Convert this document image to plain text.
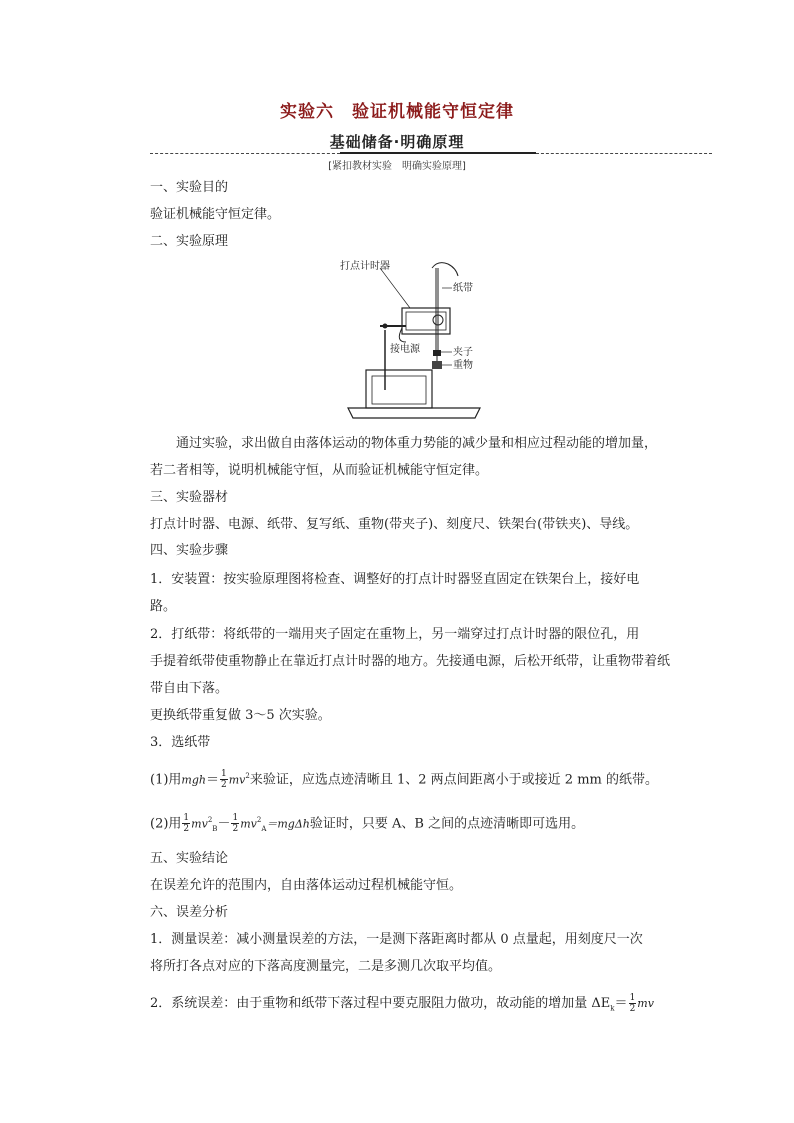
实验六 验证机械能守恒定律
基础储备·明确原理
[紧扣教材实验　明确实验原理]
一、实验目的
验证机械能守恒定律。
二、实验原理
打点计时器
纸带
接电源	夹子
重物
通过实验，求出做自由落体运动的物体重力势能的减少量和相应过程动能的增加量，
若二者相等，说明机械能守恒，从而验证机械能守恒定律。
三、实验器材
打点计时器、电源、纸带、复写纸、重物(带夹子)、刻度尺、铁架台(带铁夹)、导线。
四、实验步骤
1．安装置：按实验原理图将检查、调整好的打点计时器竖直固定在铁架台上，接好电
路。
2．打纸带：将纸带的一端用夹子固定在重物上，另一端穿过打点计时器的限位孔，用
手提着纸带使重物静止在靠近打点计时器的地方。先接通电源，后松开纸带，让重物带着纸
带自由下落。
更换纸带重复做 3～5 次实验。
3．选纸带
(1)用$mgh= \frac{1}{2} mv^2$来验证，应选点迹清晰且 1、2 两点间距离小于或接近 2 mm 的纸带。
(2)用 $\frac{1}{2} mv^2_B- \frac{1}{2} mv^2_A=mg\Delta h$验证时，只要 A、B 之间的点迹清晰即可选用。
五、实验结论
在误差允许的范围内，自由落体运动过程机械能守恒。
六、误差分析
1．测量误差：减小测量误差的方法，一是测下落距离时都从 0 点量起，用刻度尺一次
将所打各点对应的下落高度测量完，二是多测几次取平均值。
2．系统误差：由于重物和纸带下落过程中要克服阻力做功，故动能的增加量 $\Delta E_k= \frac{1}{2}$ mv
